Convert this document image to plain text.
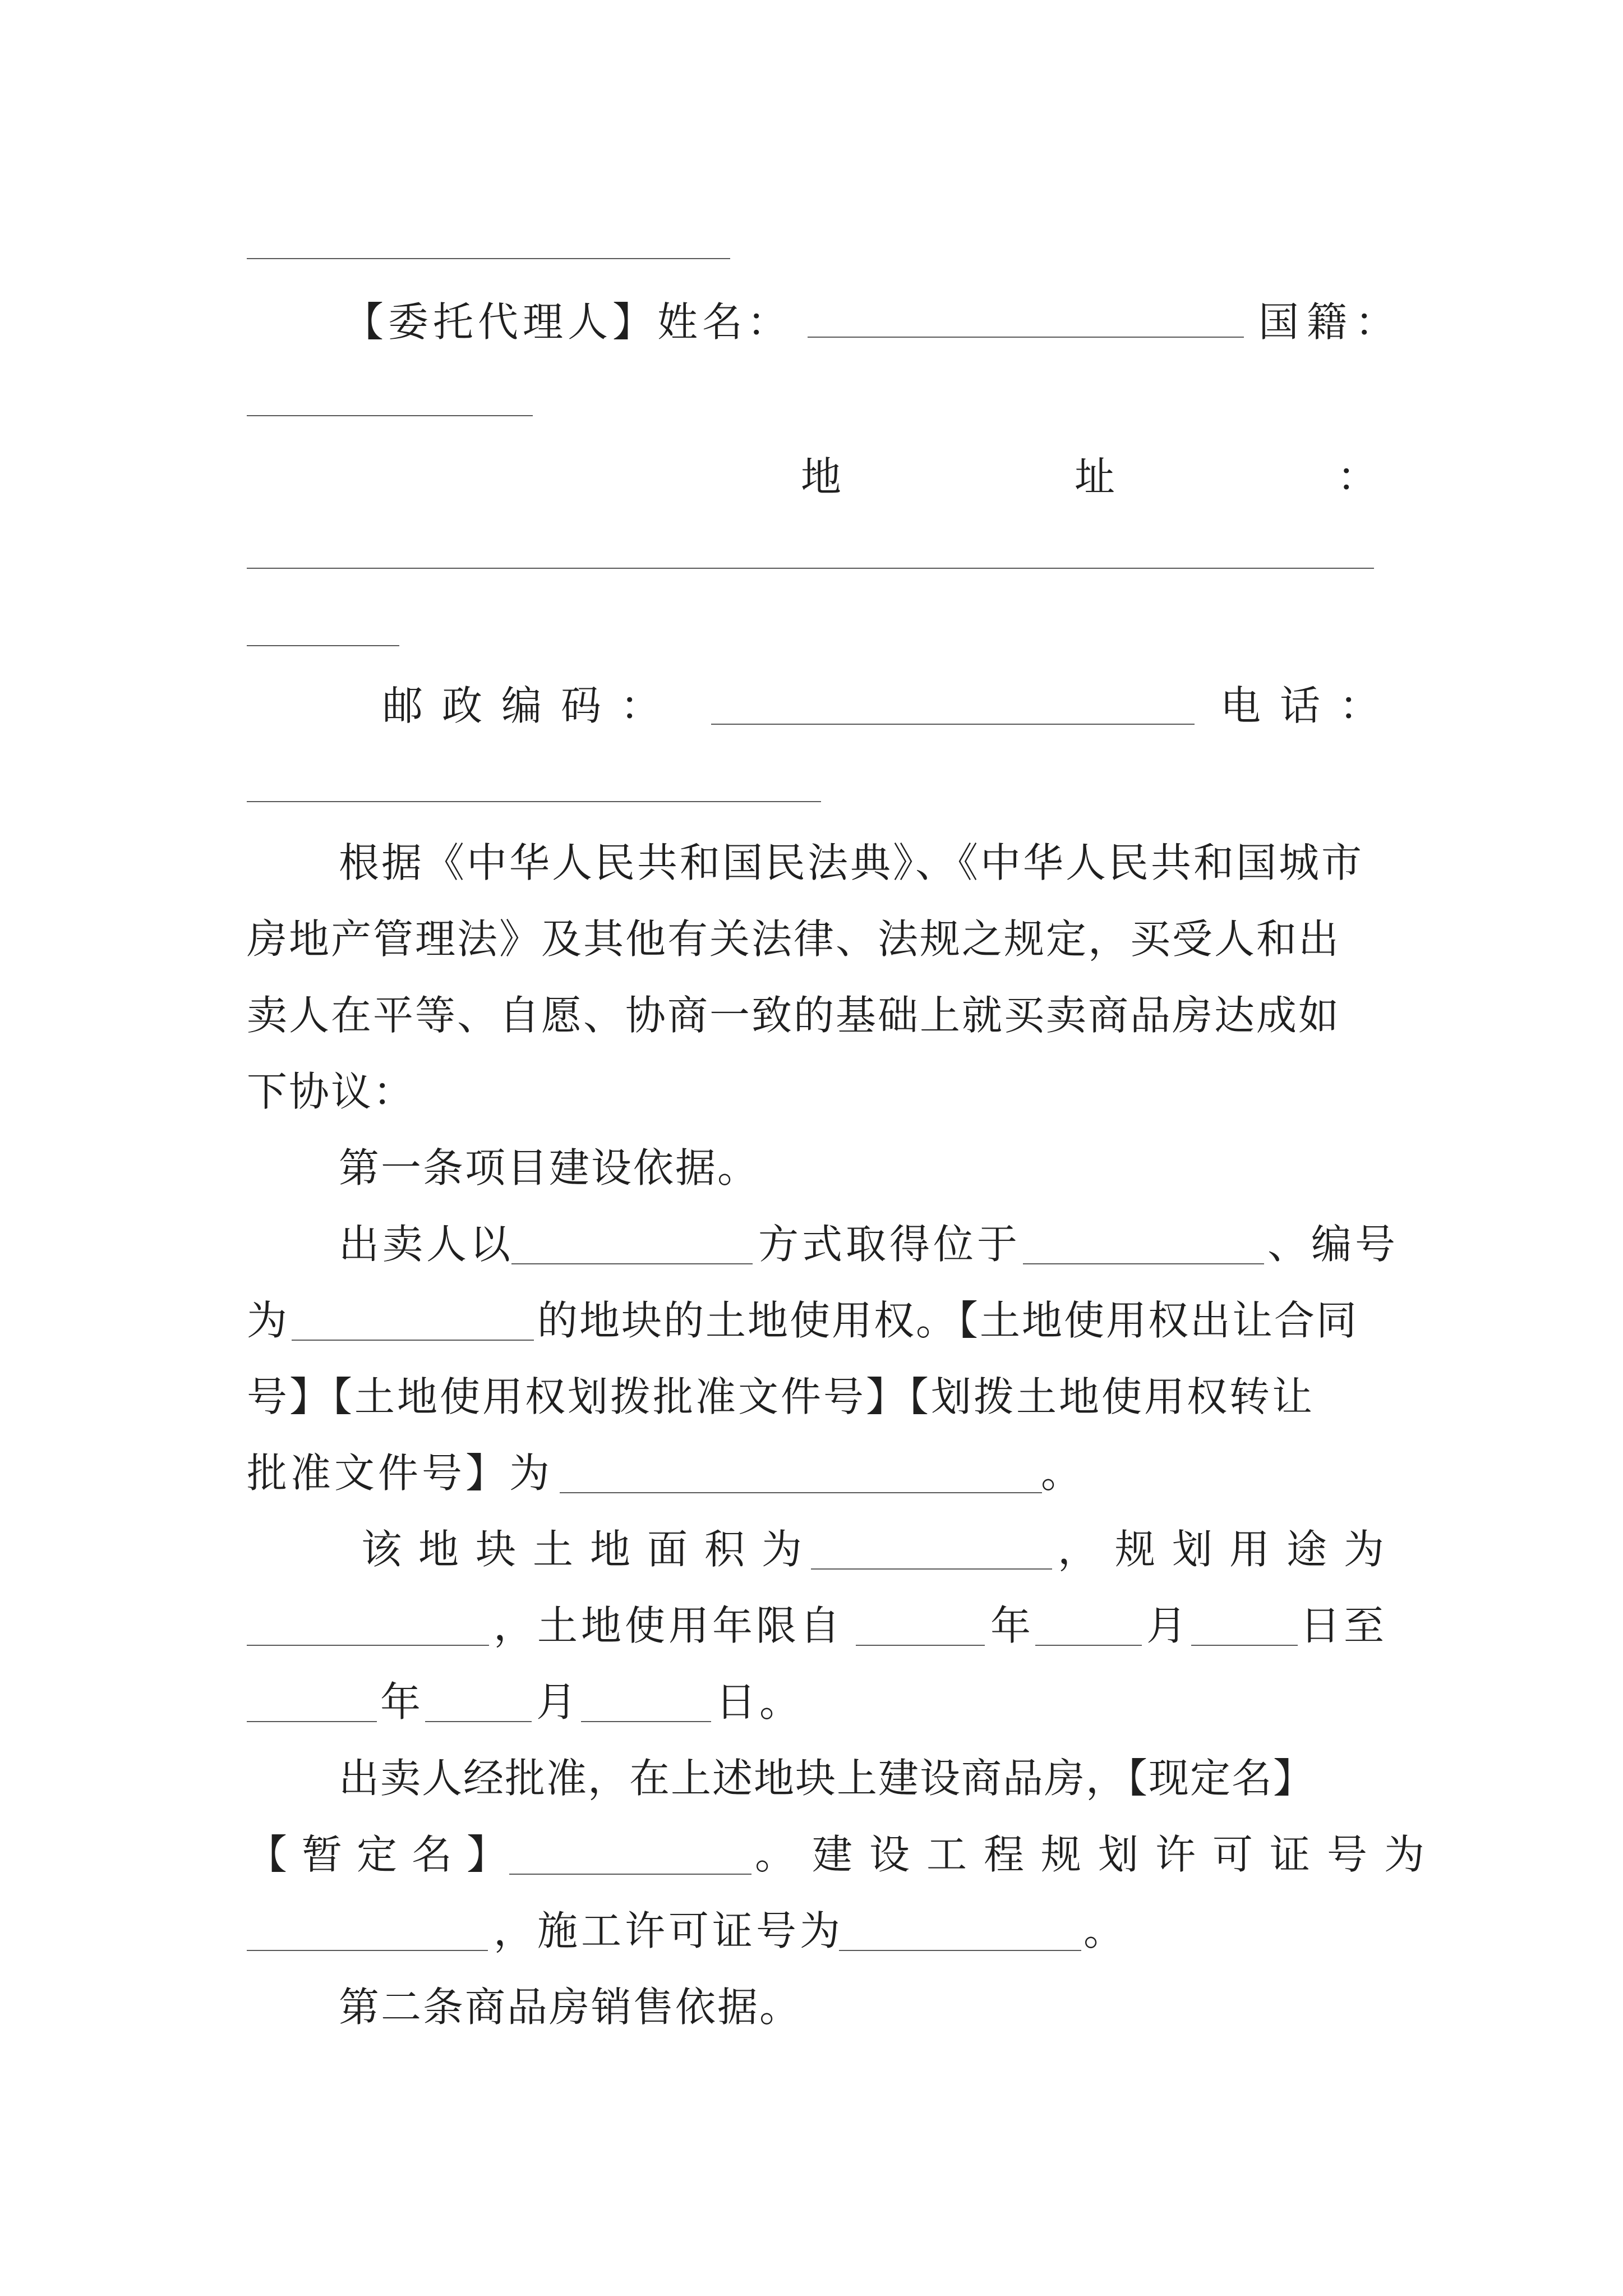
【委托代理人】姓名：	国籍：
地	址	：
邮政编码：	电话：
根据《中华人民共和国民法典》、《中华人民共和国城市
房地产管理法》及其他有关法律、法规之规定，买受人和出
卖人在平等、自愿、协商一致的基础上就买卖商品房达成如
下协议：
第一条项目建设依据。
出卖人以	方式取得位于	、编号
为	的地块的土地使用权。【土地使用权出让合同
号】【土地使用权划拨批准文件号】【划拨土地使用权转让
批准文件号】为	。
该地块土地面积为	，规划用途为
，土地使用年限自	年	月	日至
年	月	日。
出卖人经批准，在上述地块上建设商品房，【现定名】
【暂定名】	。建设工程规划许可证号为
，施工许可证号为	。
第二条商品房销售依据。
